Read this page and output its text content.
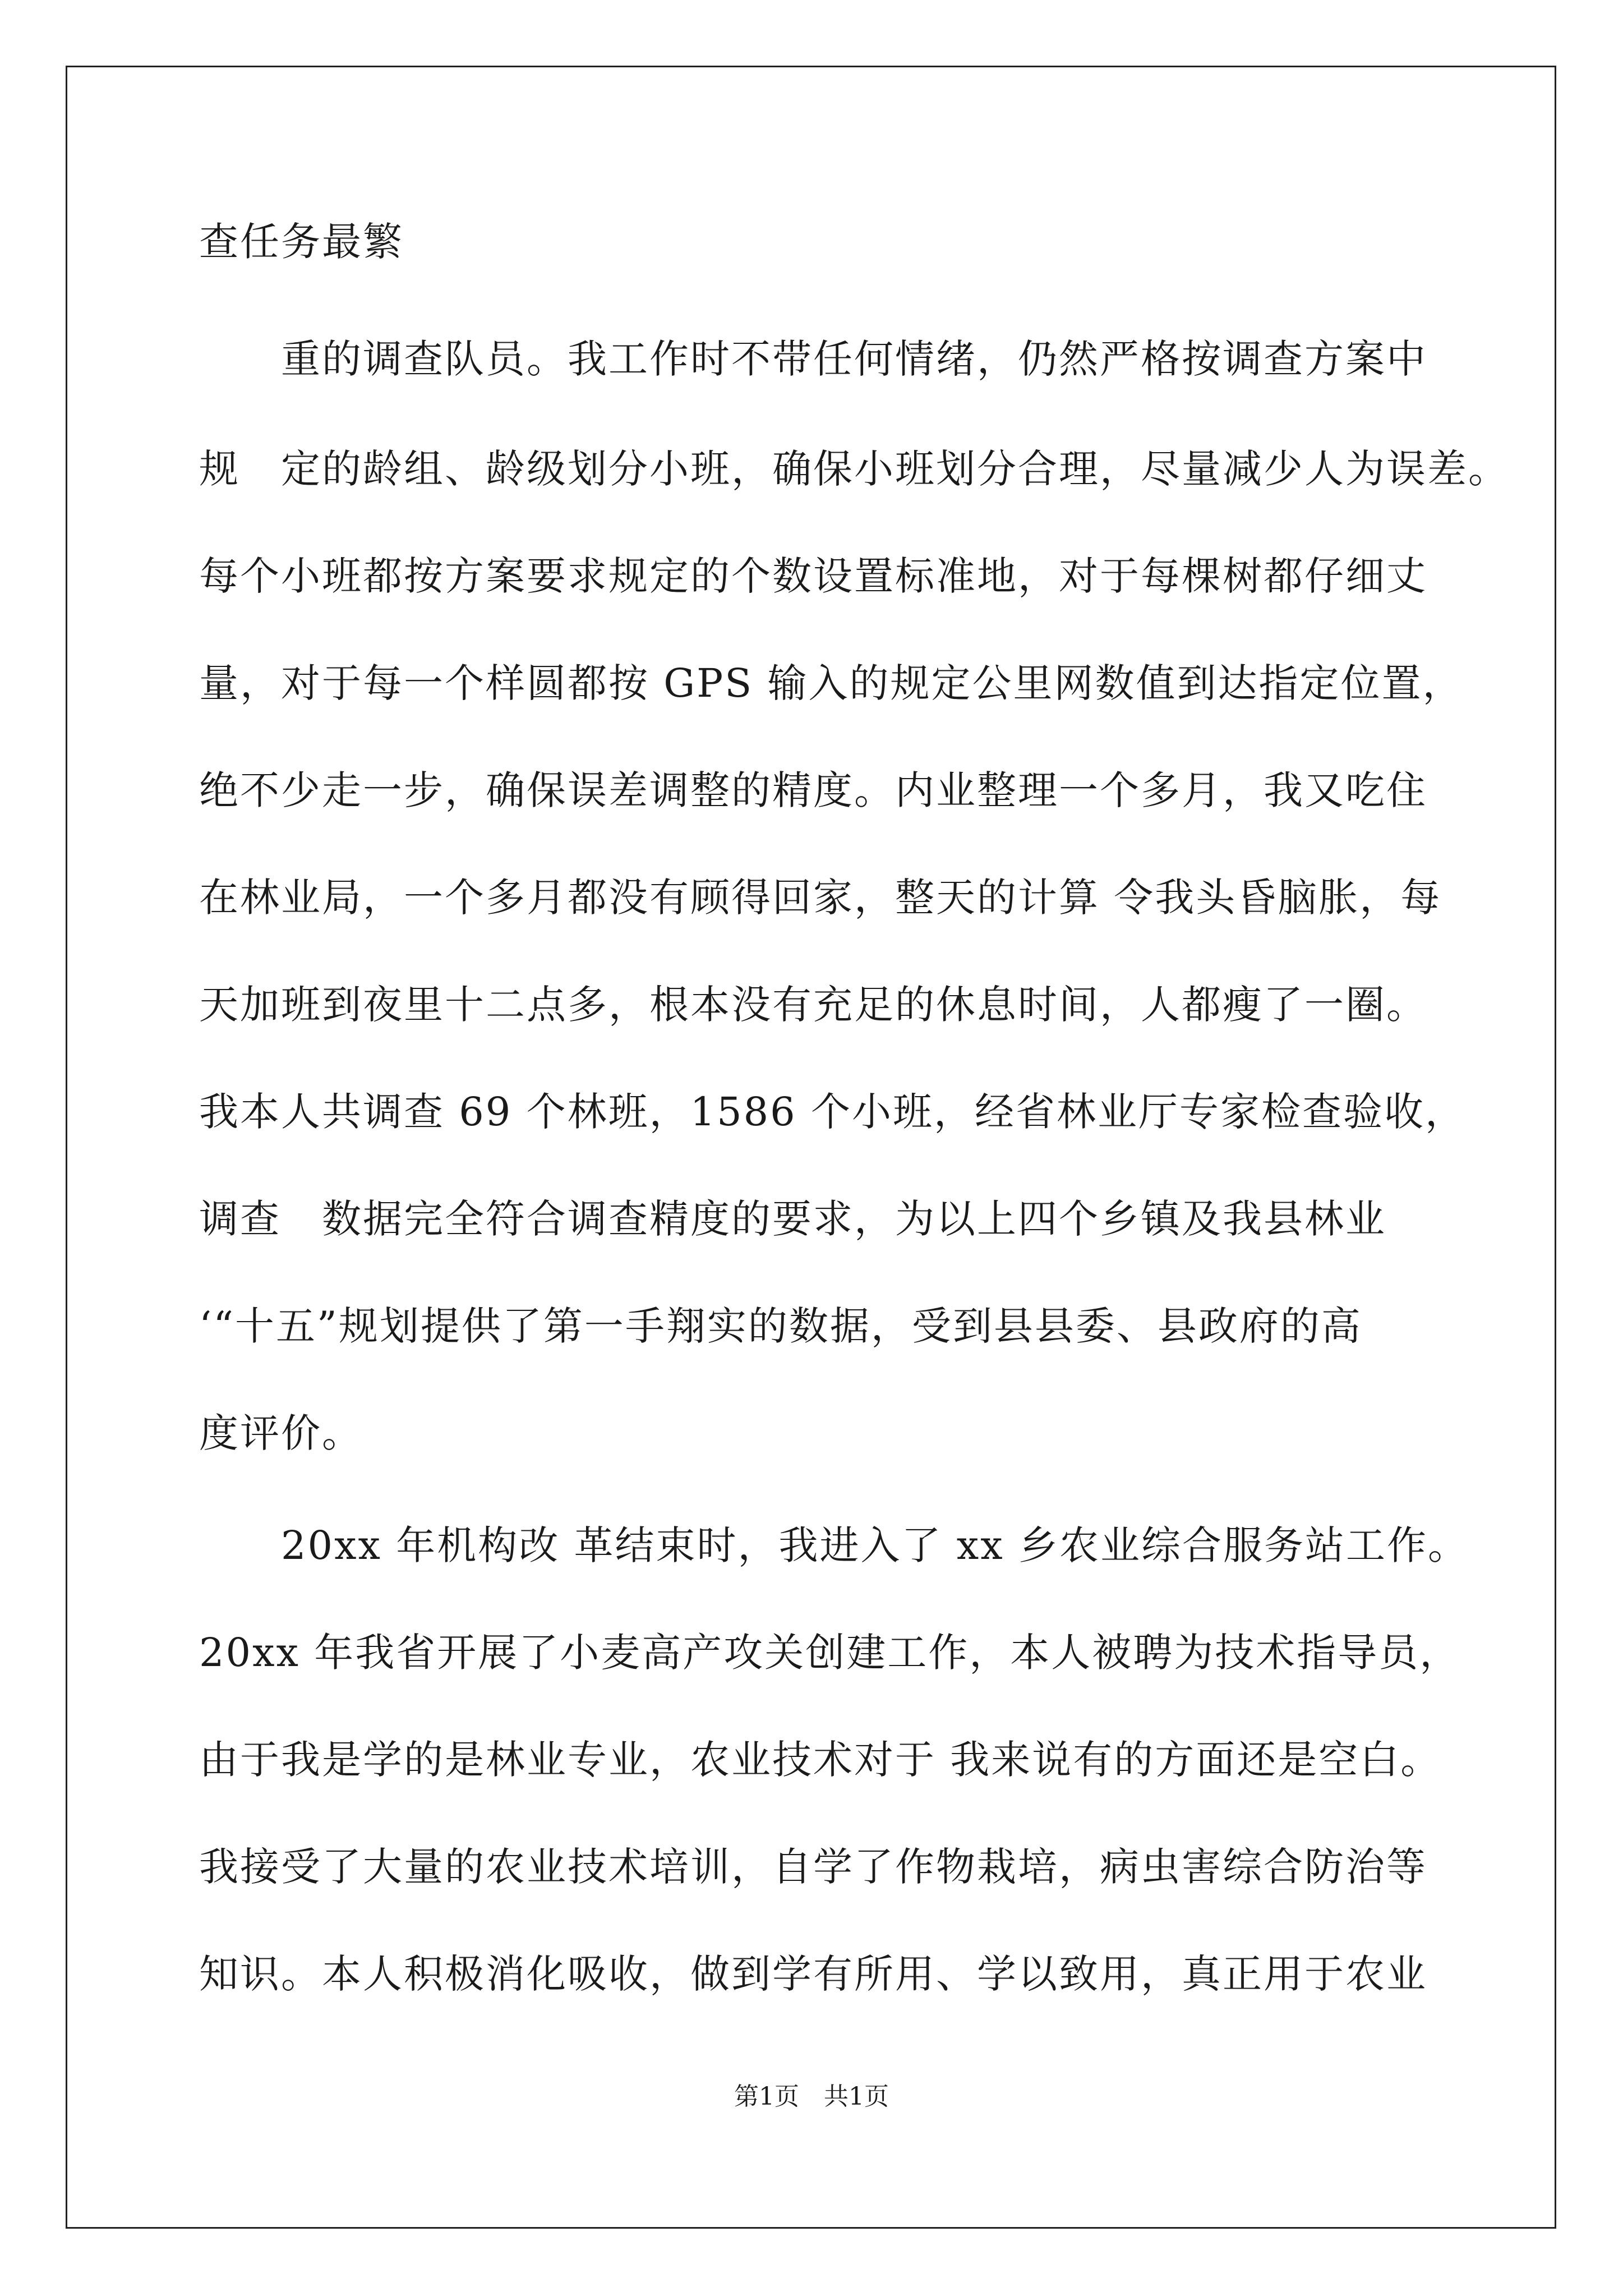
查任务最繁
　　重的调查队员。我工作时不带任何情绪，仍然严格按调查方案中
规　定的龄组、龄级划分小班，确保小班划分合理，尽量减少人为误差。
每个小班都按方案要求规定的个数设置标准地，对于每棵树都仔细丈
量，对于每一个样圆都按 GPS 输入的规定公里网数值到达指定位置，
绝不少走一步，确保误差调整的精度。内业整理一个多月，我又吃住
在林业局，一个多月都没有顾得回家，整天的计算 令我头昏脑胀，每
天加班到夜里十二点多，根本没有充足的休息时间，人都瘦了一圈。
我本人共调查 69 个林班，1586 个小班，经省林业厅专家检查验收，
调查　数据完全符合调查精度的要求，为以上四个乡镇及我县林业
‘“十五”规划提供了第一手翔实的数据，受到县县委、县政府的高
度评价。
　　20xx 年机构改 革结束时，我进入了 xx 乡农业综合服务站工作。
20xx 年我省开展了小麦高产攻关创建工作，本人被聘为技术指导员，
由于我是学的是林业专业，农业技术对于 我来说有的方面还是空白。
我接受了大量的农业技术培训，自学了作物栽培，病虫害综合防治等
知识。本人积极消化吸收，做到学有所用、学以致用，真正用于农业
第1页　共1页
